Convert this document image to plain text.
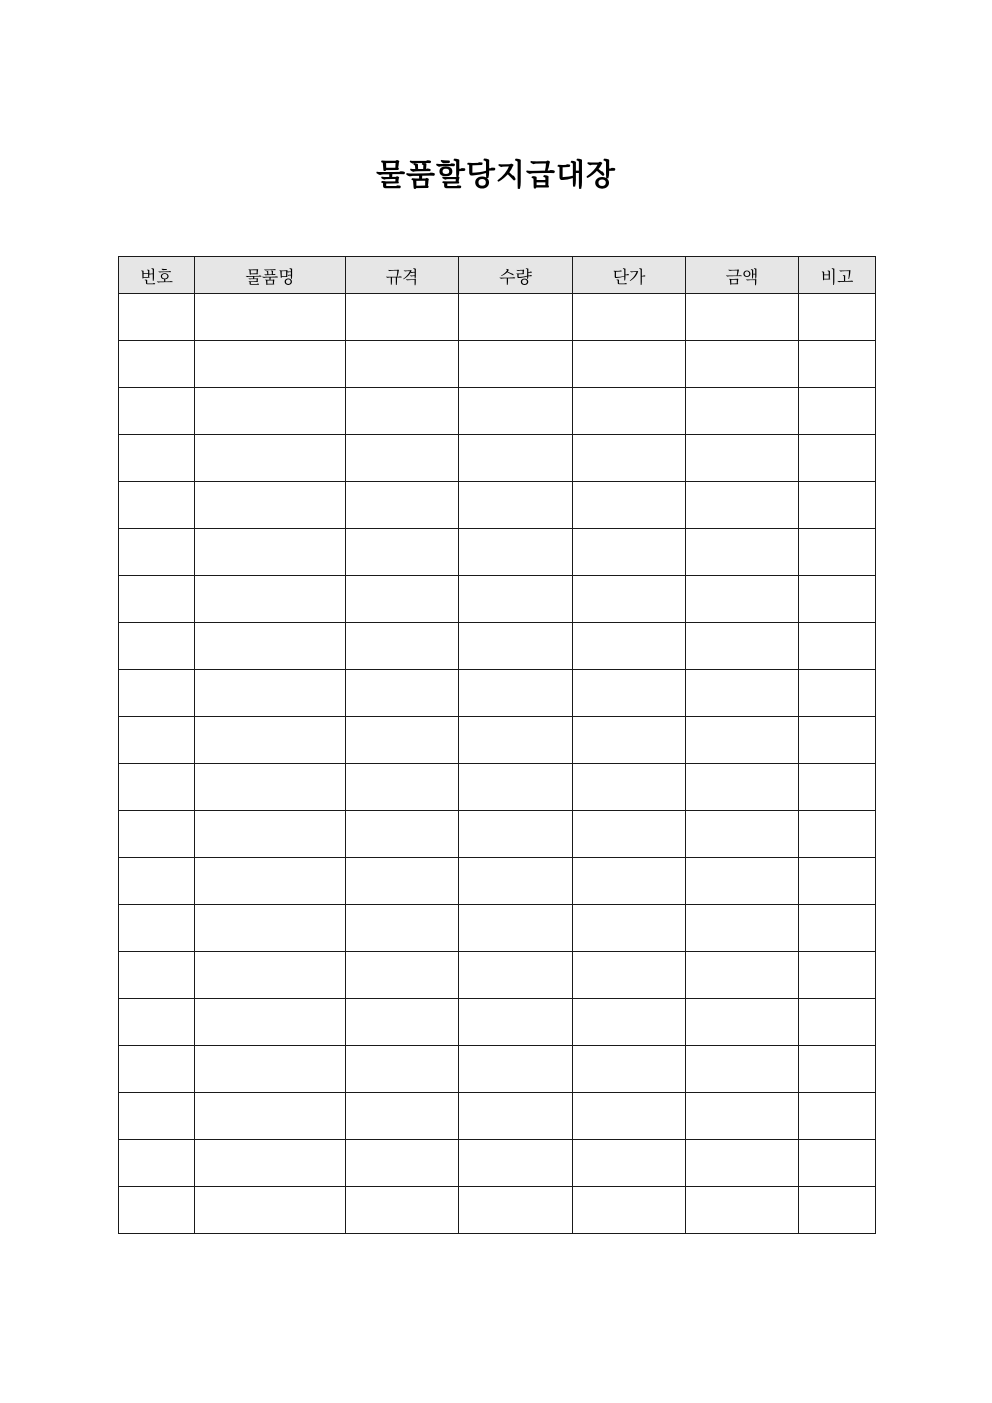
물품할당지급대장
번호	물품명	규격	수량	단가	금액	비고
